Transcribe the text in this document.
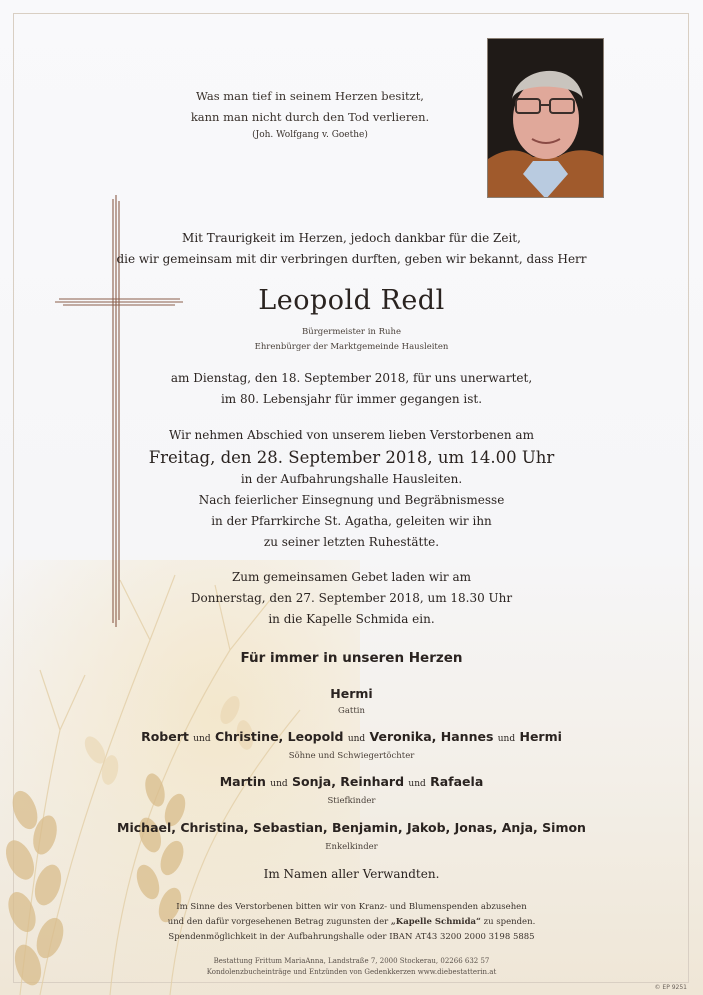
Was man tief in seinem Herzen besitzt,
kann man nicht durch den Tod verlieren.
(Joh. Wolfgang v. Goethe)
Mit Traurigkeit im Herzen, jedoch dankbar für die Zeit,
die wir gemeinsam mit dir verbringen durften, geben wir bekannt, dass Herr
Leopold Redl
Bürgermeister in Ruhe
Ehrenbürger der Marktgemeinde Hausleiten
am Dienstag, den 18. September 2018, für uns unerwartet,
im 80. Lebensjahr für immer gegangen ist.
Wir nehmen Abschied von unserem lieben Verstorbenen am
Freitag, den 28. September 2018, um 14.00 Uhr
in der Aufbahrungshalle Hausleiten.
Nach feierlicher Einsegnung und Begräbnismesse
in der Pfarrkirche St. Agatha, geleiten wir ihn
zu seiner letzten Ruhestätte.
Zum gemeinsamen Gebet laden wir am
Donnerstag, den 27. September 2018, um 18.30 Uhr
in die Kapelle Schmida ein.
Für immer in unseren Herzen
Hermi
Gattin
Robert und Christine, Leopold und Veronika, Hannes und Hermi
Söhne und Schwiegertöchter
Martin und Sonja, Reinhard und Rafaela
Stiefkinder
Michael, Christina, Sebastian, Benjamin, Jakob, Jonas, Anja, Simon
Enkelkinder
Im Namen aller Verwandten.
Im Sinne des Verstorbenen bitten wir von Kranz- und Blumenspenden abzusehen
und den dafür vorgesehenen Betrag zugunsten der „Kapelle Schmida“ zu spenden.
Spendenmöglichkeit in der Aufbahrungshalle oder IBAN AT43 3200 2000 3198 5885
Bestattung Frittum MariaAnna, Landstraße 7, 2000 Stockerau, 02266 632 57
Kondolenzbucheinträge und Entzünden von Gedenkkerzen www.diebestatterin.at
© EP 9251
